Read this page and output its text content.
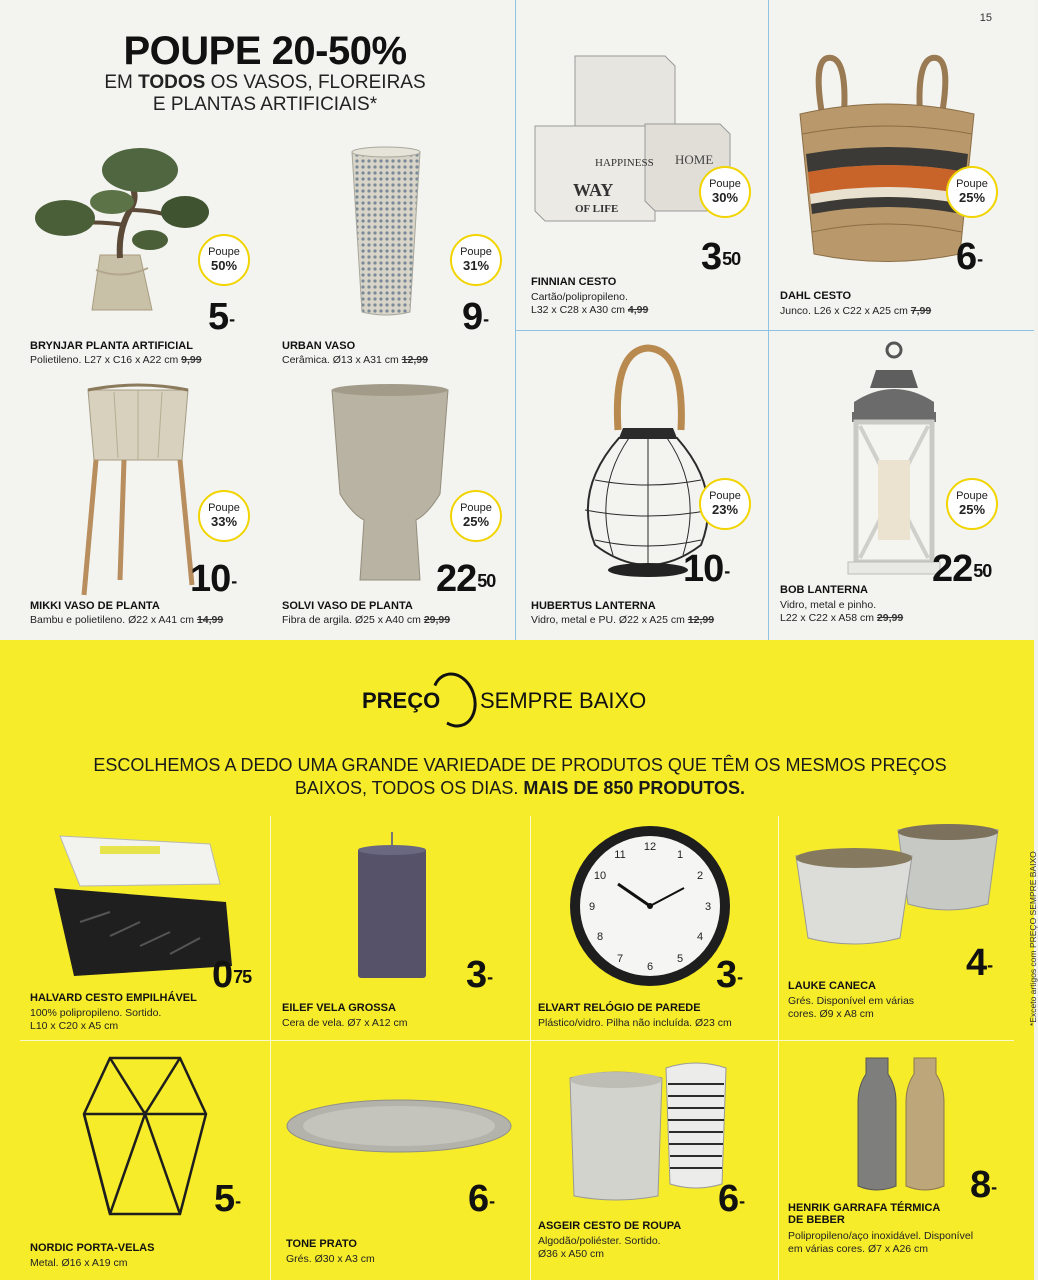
15
POUPE 20-50%
EM TODOS OS VASOS, FLOREIRAS
E PLANTAS ARTIFICIAIS*
Poupe
50%
5-
BRYNJAR PLANTA ARTIFICIAL
Polietileno. L27 x C16 x A22 cm 9,99
Poupe
31%
9-
URBAN VASO
Cerâmica. Ø13 x A31 cm 12,99
HAPPINESS
WAY
OF LIFE
HOME
Poupe
30%
$3^{50}$
FINNIAN CESTO
Cartão/polipropileno.
L32 x C28 x A30 cm 4,99
Poupe
25%
6-
DAHL CESTO
Junco. L26 x C22 x A25 cm 7,99
Poupe
33%
10-
MIKKI VASO DE PLANTA
Bambu e polietileno. Ø22 x A41 cm 14,99
Poupe
25%
$22^{50}$
SOLVI VASO DE PLANTA
Fibra de argila. Ø25 x A40 cm 29,99
Poupe
23%
10-
HUBERTUS LANTERNA
Vidro, metal e PU. Ø22 x A25 cm 12,99
Poupe
25%
$22^{50}$
BOB LANTERNA
Vidro, metal e pinho.
L22 x C22 x A58 cm 29,99
PREÇO SEMPRE BAIXO
ESCOLHEMOS A DEDO UMA GRANDE VARIEDADE DE PRODUTOS QUE TÊM OS MESMOS PREÇOS
BAIXOS, TODOS OS DIAS. MAIS DE 850 PRODUTOS.
$0^{75}$
HALVARD CESTO EMPILHÁVEL
100% polipropileno. Sortido.
L10 x C20 x A5 cm
3-
EILEF VELA GROSSA
Cera de vela. Ø7 x A12 cm
12
1
2
3
4
5
6
7
8
9
10
11
3-
ELVART RELÓGIO DE PAREDE
Plástico/vidro. Pilha não incluída. Ø23 cm
4-
LAUKE CANECA
Grés. Disponível em várias
cores. Ø9 x A8 cm
5-
NORDIC PORTA-VELAS
Metal. Ø16 x A19 cm
6-
TONE PRATO
Grés. Ø30 x A3 cm
6-
ASGEIR CESTO DE ROUPA
Algodão/poliéster. Sortido.
Ø36 x A50 cm
8-
HENRIK GARRAFA TÉRMICA
DE BEBER
Polipropileno/aço inoxidável. Disponível
em várias cores. Ø7 x A26 cm
*Exceto artigos com PREÇO SEMPRE BAIXO
